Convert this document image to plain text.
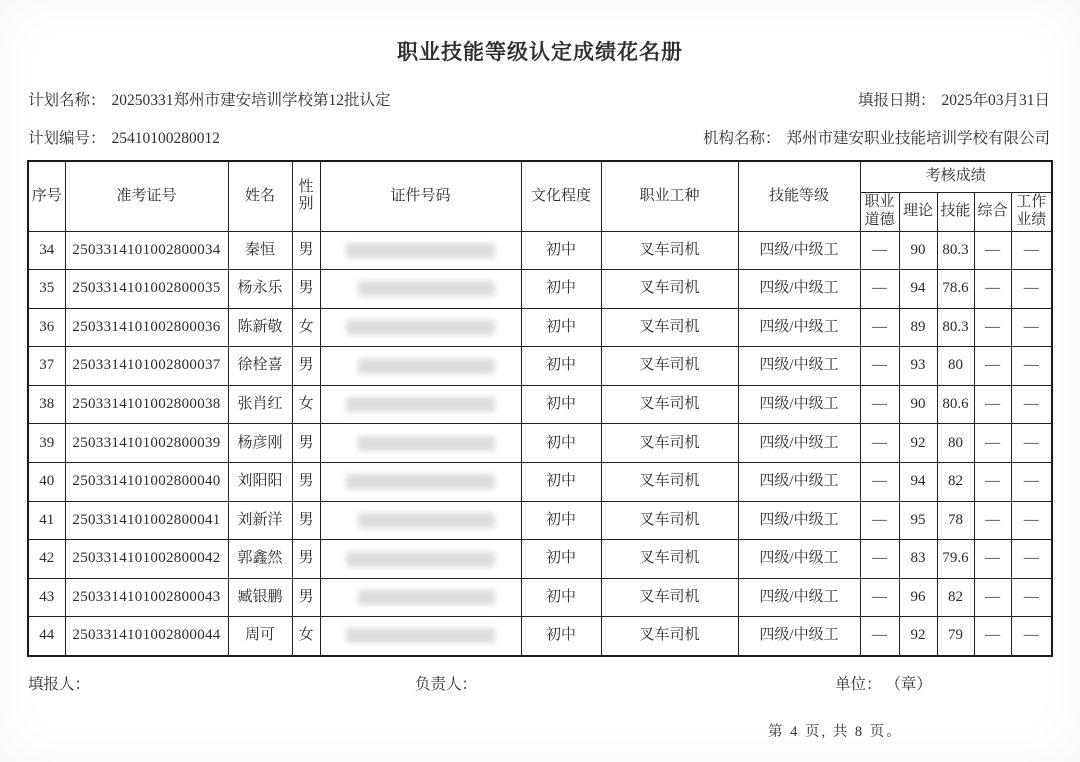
职业技能等级认定成绩花名册
计划名称： 20250331郑州市建安培训学校第12批认定	填报日期： 2025年03月31日
计划编号： 25410100280012	机构名称： 郑州市建安职业技能培训学校有限公司
序号	准考证号	姓名	性别	证件号码	文化程度	职业工种	技能等级	考核成绩				
								职业道德	理论	技能	综合	工作业绩
34	2503314101002800034	秦恒	男		初中	叉车司机	四级/中级工	—	90	80.3	—	—
35	2503314101002800035	杨永乐	男		初中	叉车司机	四级/中级工	—	94	78.6	—	—
36	2503314101002800036	陈新敬	女		初中	叉车司机	四级/中级工	—	89	80.3	—	—
37	2503314101002800037	徐栓喜	男		初中	叉车司机	四级/中级工	—	93	80	—	—
38	2503314101002800038	张肖红	女		初中	叉车司机	四级/中级工	—	90	80.6	—	—
39	2503314101002800039	杨彦刚	男		初中	叉车司机	四级/中级工	—	92	80	—	—
40	2503314101002800040	刘阳阳	男		初中	叉车司机	四级/中级工	—	94	82	—	—
41	2503314101002800041	刘新洋	男		初中	叉车司机	四级/中级工	—	95	78	—	—
42	2503314101002800042	郭鑫然	男		初中	叉车司机	四级/中级工	—	83	79.6	—	—
43	2503314101002800043	臧银鹏	男		初中	叉车司机	四级/中级工	—	96	82	—	—
44	2503314101002800044	周可	女		初中	叉车司机	四级/中级工	—	92	79	—	—
填报人：	负责人：	单位： （章）
第 4 页, 共 8 页。
